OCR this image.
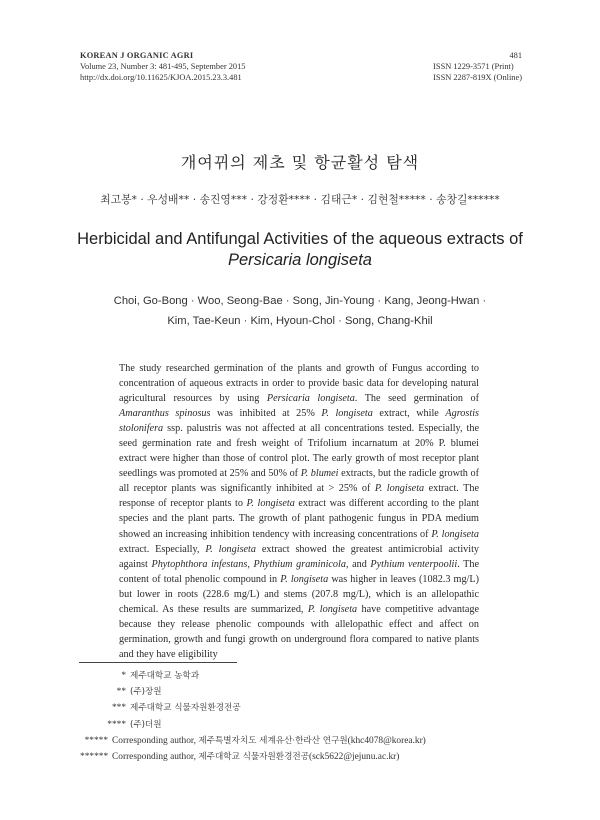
KOREAN J ORGANIC AGRI
Volume 23, Number 3: 481-495, September 2015
http://dx.doi.org/10.11625/KJOA.2015.23.3.481
481
ISSN 1229-3571 (Print)
ISSN 2287-819X (Online)
개여뀌의 제초 및 항균활성 탐색
최고봉* · 우성배** · 송진영*** · 강정환**** · 김태근* · 김현철***** · 송창길******
Herbicidal and Antifungal Activities of the aqueous extracts of
Persicaria longiseta
Choi, Go-Bong · Woo, Seong-Bae · Song, Jin-Young · Kang, Jeong-Hwan ·
Kim, Tae-Keun · Kim, Hyoun-Chol · Song, Chang-Khil
The study researched germination of the plants and growth of Fungus according to concentration of aqueous extracts in order to provide basic data for developing natural agricultural resources by using Persicaria longiseta. The seed germination of Amaranthus spinosus was inhibited at 25% P. longiseta extract, while Agrostis stolonifera ssp. palustris was not affected at all concentrations tested. Especially, the seed germination rate and fresh weight of Trifolium incarnatum at 20% P. blumei extract were higher than those of control plot. The early growth of most receptor plant seedlings was promoted at 25% and 50% of P. blumei extracts, but the radicle growth of all receptor plants was significantly inhibited at > 25% of P. longiseta extract. The response of receptor plants to P. longiseta extract was different according to the plant species and the plant parts. The growth of plant pathogenic fungus in PDA medium showed an increasing inhibition tendency with increasing concentrations of P. longiseta extract. Especially, P. longiseta extract showed the greatest antimicrobial activity against Phytophthora infestans, Phythium graminicola, and Pythium venterpoolii. The content of total phenolic compound in P. longiseta was higher in leaves (1082.3 mg/L) but lower in roots (228.6 mg/L) and stems (207.8 mg/L), which is an allelopathic chemical. As these results are summarized, P. longiseta have competitive advantage because they release phenolic compounds with allelopathic effect and affect on germination, growth and fungi growth on underground flora compared to native plants and they have eligibility
* 제주대학교 농학과
** (주)장원
*** 제주대학교 식물자원환경전공
**** (주)더원
***** Corresponding author, 제주특별자치도 세계유산·한라산 연구원 (khc4078@korea.kr)
****** Corresponding author, 제주대학교 식물자원환경전공 (sck5622@jejunu.ac.kr)
